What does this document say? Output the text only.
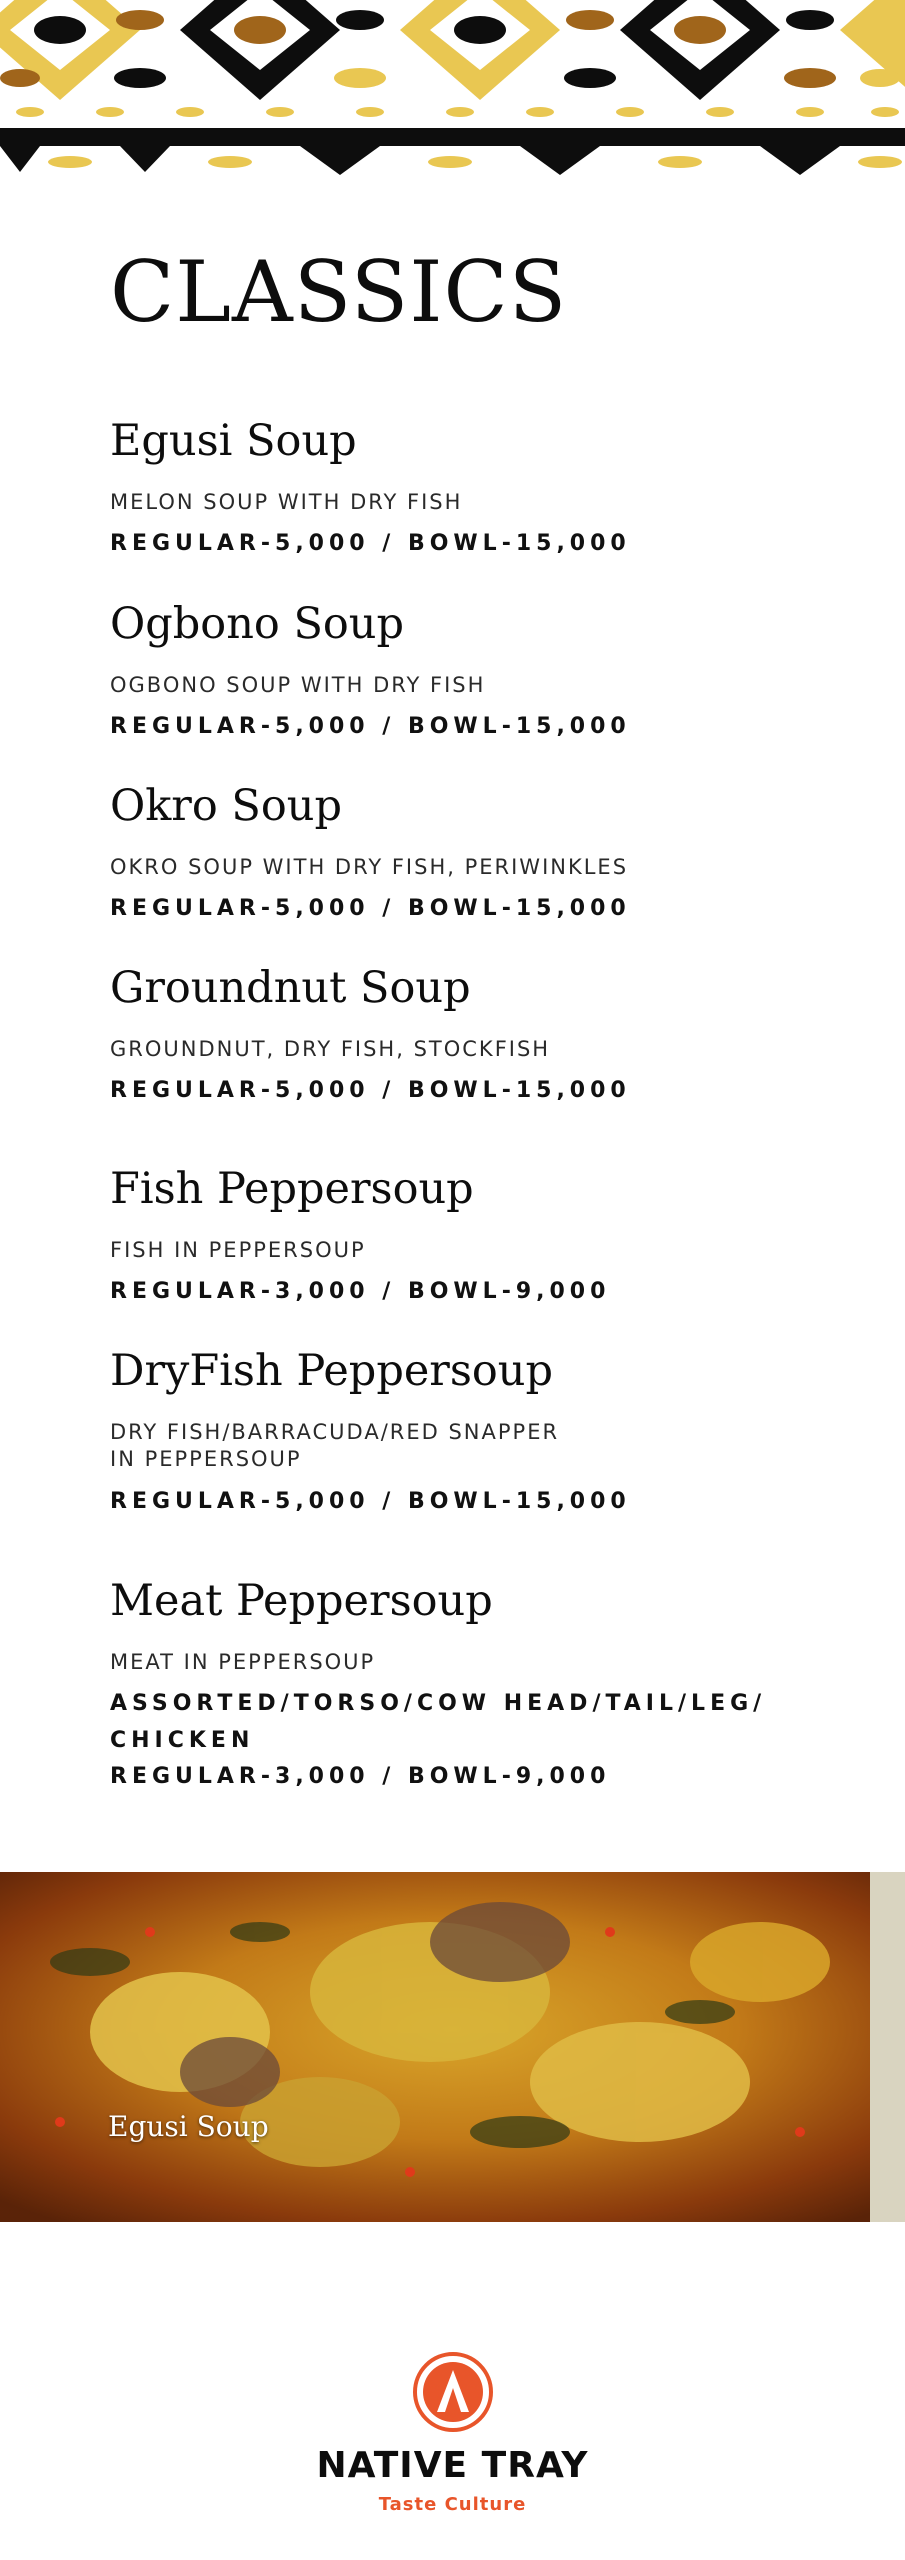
CLASSICS
Egusi Soup
MELON SOUP WITH DRY FISH
REGULAR-5,000 / BOWL-15,000
Ogbono Soup
OGBONO SOUP WITH DRY FISH
REGULAR-5,000 / BOWL-15,000
Okro Soup
OKRO SOUP WITH DRY FISH, PERIWINKLES
REGULAR-5,000 / BOWL-15,000
Groundnut Soup
GROUNDNUT, DRY FISH, STOCKFISH
REGULAR-5,000 / BOWL-15,000
Fish Peppersoup
FISH IN PEPPERSOUP
REGULAR-3,000 / BOWL-9,000
DryFish Peppersoup
DRY FISH/BARRACUDA/RED SNAPPER
IN PEPPERSOUP
REGULAR-5,000 / BOWL-15,000
Meat Peppersoup
MEAT IN PEPPERSOUP
ASSORTED/TORSO/COW HEAD/TAIL/LEG/
CHICKEN
REGULAR-3,000 / BOWL-9,000
Egusi Soup
NATIVE TRAY
Taste Culture
